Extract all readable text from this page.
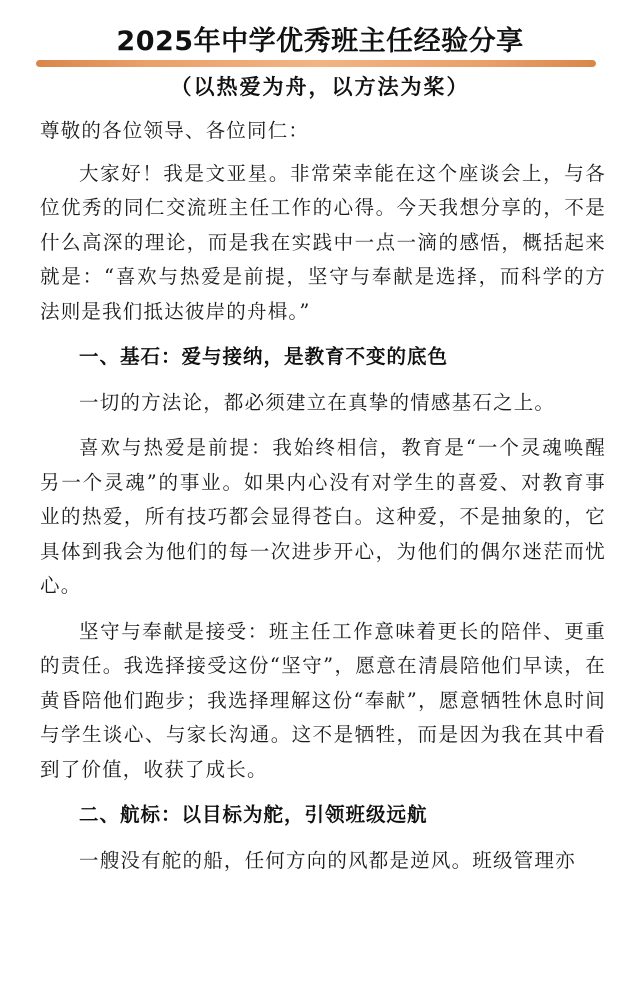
2025年中学优秀班主任经验分享
（以热爱为舟，以方法为桨）

尊敬的各位领导、各位同仁：

大家好！我是文亚星。非常荣幸能在这个座谈会上，与各位优秀的同仁交流班主任工作的心得。今天我想分享的，不是什么高深的理论，而是我在实践中一点一滴的感悟，概括起来就是：“喜欢与热爱是前提，坚守与奉献是选择，而科学的方法则是我们抵达彼岸的舟楫。”

一、基石：爱与接纳，是教育不变的底色

一切的方法论，都必须建立在真挚的情感基石之上。

喜欢与热爱是前提：我始终相信，教育是“一个灵魂唤醒另一个灵魂”的事业。如果内心没有对学生的喜爱、对教育事业的热爱，所有技巧都会显得苍白。这种爱，不是抽象的，它具体到我会为他们的每一次进步开心，为他们的偶尔迷茫而忧心。

坚守与奉献是接受：班主任工作意味着更长的陪伴、更重的责任。我选择接受这份“坚守”，愿意在清晨陪他们早读，在黄昏陪他们跑步；我选择理解这份“奉献”，愿意牺牲休息时间与学生谈心、与家长沟通。这不是牺牲，而是因为我在其中看到了价值，收获了成长。

二、航标：以目标为舵，引领班级远航

一艘没有舵的船，任何方向的风都是逆风。班级管理亦
